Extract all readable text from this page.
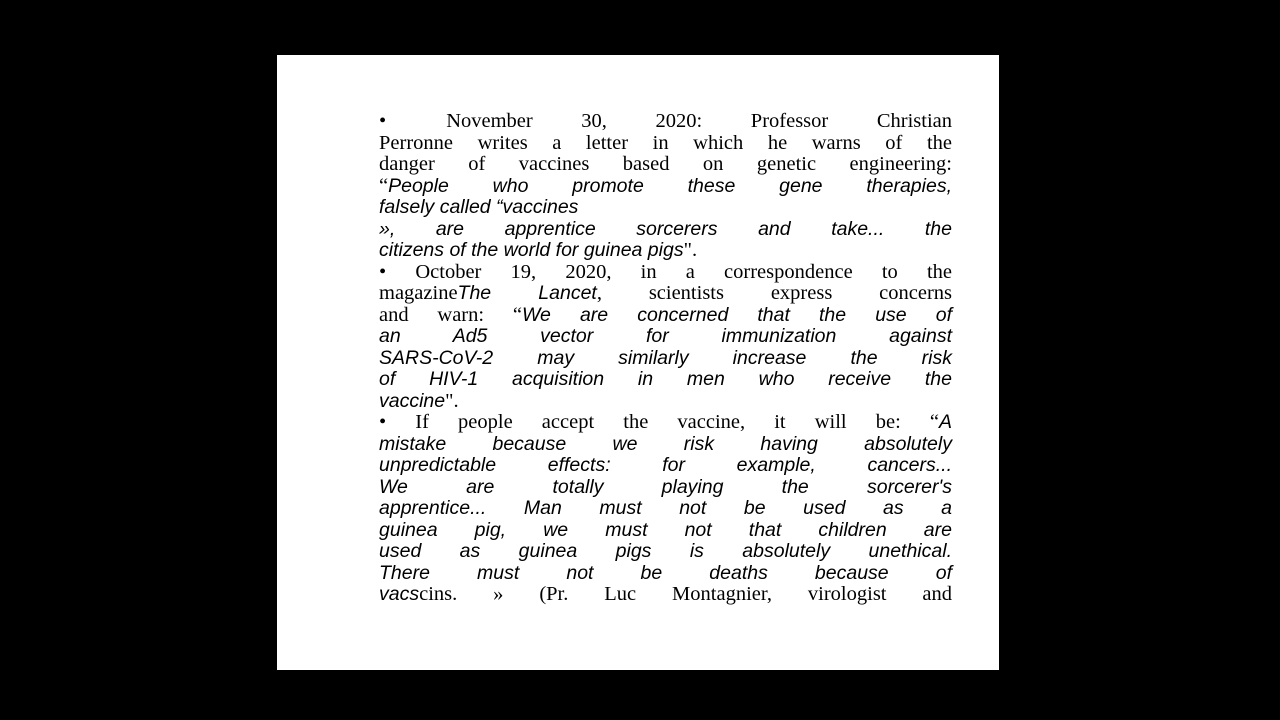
•	November 30, 2020: Professor Christian
Perronne writes a letter in which he warns of the
danger of vaccines based on genetic engineering:
“People who promote these gene therapies,
falsely called “vaccines
», are apprentice sorcerers and take... the
citizens of the world for guinea pigs".
• October 19, 2020, in a correspondence to the
magazineThe Lancet, scientists express concerns
and warn: “We are concerned that the use of
an Ad5 vector for immunization against
SARS-CoV-2 may similarly increase the risk
of HIV-1 acquisition in men who receive the
vaccine".
• If people accept the vaccine, it will be: “A
mistake because we risk having absolutely
unpredictable effects: for example, cancers...
We are totally playing the sorcerer's
apprentice... Man must not be used as a
guinea pig, we must not that children are
used as guinea pigs is absolutely unethical.
There must not be deaths because of
vacscins. » (Pr. Luc Montagnier, virologist and
